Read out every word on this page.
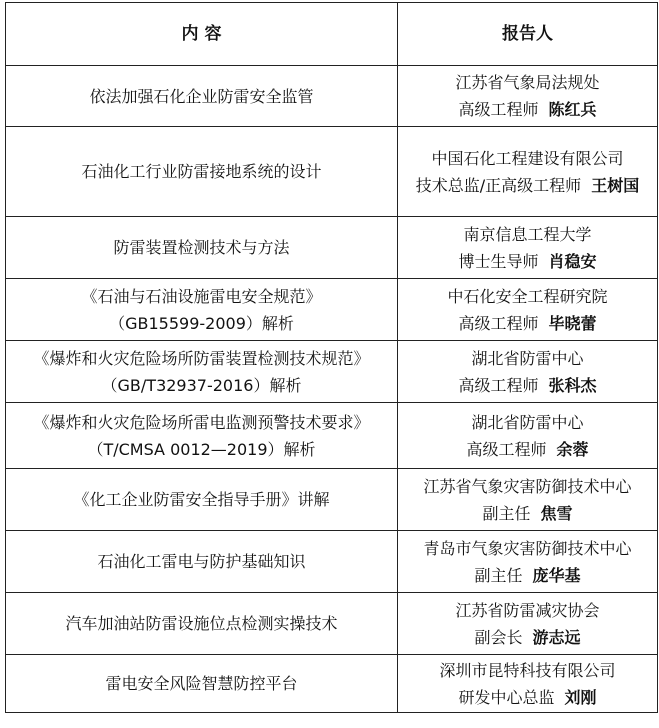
内 容	报告人

依法加强石化企业防雷安全监管	江苏省气象局法规处
高级工程师 陈红兵

石油化工行业防雷接地系统的设计	中国石化工程建设有限公司
技术总监/正高级工程师 王树国

防雷装置检测技术与方法	南京信息工程大学
博士生导师 肖稳安

《石油与石油设施雷电安全规范》
（GB15599-2009）解析	中石化安全工程研究院
高级工程师 毕晓蕾

《爆炸和火灾危险场所防雷装置检测技术规范》
（GB/T32937-2016）解析	湖北省防雷中心
高级工程师 张科杰

《爆炸和火灾危险场所雷电监测预警技术要求》
（T/CMSA 0012—2019）解析	湖北省防雷中心
高级工程师 余蓉

《化工企业防雷安全指导手册》讲解	江苏省气象灾害防御技术中心
副主任 焦雪

石油化工雷电与防护基础知识	青岛市气象灾害防御技术中心
副主任 庞华基

汽车加油站防雷设施位点检测实操技术	江苏省防雷减灾协会
副会长 游志远

雷电安全风险智慧防控平台	深圳市昆特科技有限公司
研发中心总监 刘刚
